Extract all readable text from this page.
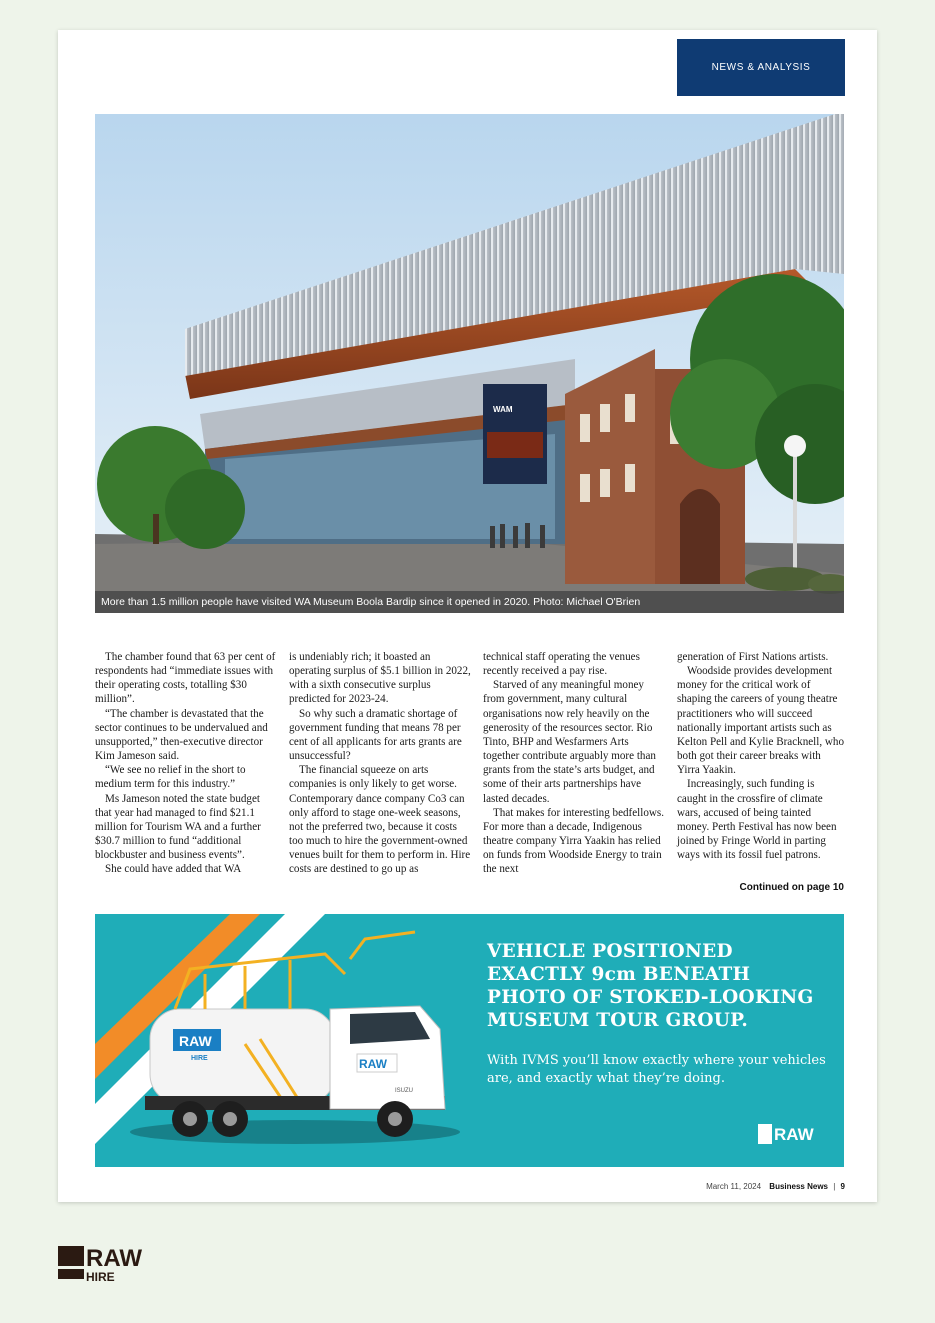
NEWS & ANALYSIS
WAM
More than 1.5 million people have visited WA Museum Boola Bardip since it opened in 2020. Photo: Michael O'Brien

The chamber found that 63 per cent of respondents had “immediate issues with their operating costs, totalling $30 million”.

“The chamber is devastated that the sector continues to be undervalued and unsupported,” then-executive director Kim Jameson said.

“We see no relief in the short to medium term for this industry.”

Ms Jameson noted the state budget that year had managed to find $21.1 million for Tourism WA and a further $30.7 million to fund “additional blockbuster and business events”.

She could have added that WA

is undeniably rich; it boasted an operating surplus of $5.1 billion in 2022, with a sixth consecutive surplus predicted for 2023-24.

So why such a dramatic shortage of government funding that means 78 per cent of all applicants for arts grants are unsuccessful?

The financial squeeze on arts companies is only likely to get worse. Contemporary dance company Co3 can only afford to stage one-week seasons, not the preferred two, because it costs too much to hire the government-owned venues built for them to perform in. Hire costs are destined to go up as

technical staff operating the venues recently received a pay rise.

Starved of any meaningful money from government, many cultural organisations now rely heavily on the generosity of the resources sector. Rio Tinto, BHP and Wesfarmers Arts together contribute arguably more than grants from the state’s arts budget, and some of their arts partnerships have lasted decades.

That makes for interesting bedfellows. For more than a decade, Indigenous theatre company Yirra Yaakin has relied on funds from Woodside Energy to train the next

generation of First Nations artists.

Woodside provides development money for the critical work of shaping the careers of young theatre practitioners who will succeed nationally important artists such as Kelton Pell and Kylie Bracknell, who both got their career breaks with Yirra Yaakin.

Increasingly, such funding is caught in the crossfire of climate wars, accused of being tainted money. Perth Festival has now been joined by Fringe World in parting ways with its fossil fuel patrons.

Continued on page 10
RAW
HIRE	RAW
ISUZU
VEHICLE POSITIONED
EXACTLY 9cm BENEATH
PHOTO OF STOKED-LOOKING
MUSEUM TOUR GROUP.
With IVMS you’ll know exactly where your vehicles are, and exactly what they’re doing.
RAW
March 11, 2024 Business News | 9
RAW
HIRE
